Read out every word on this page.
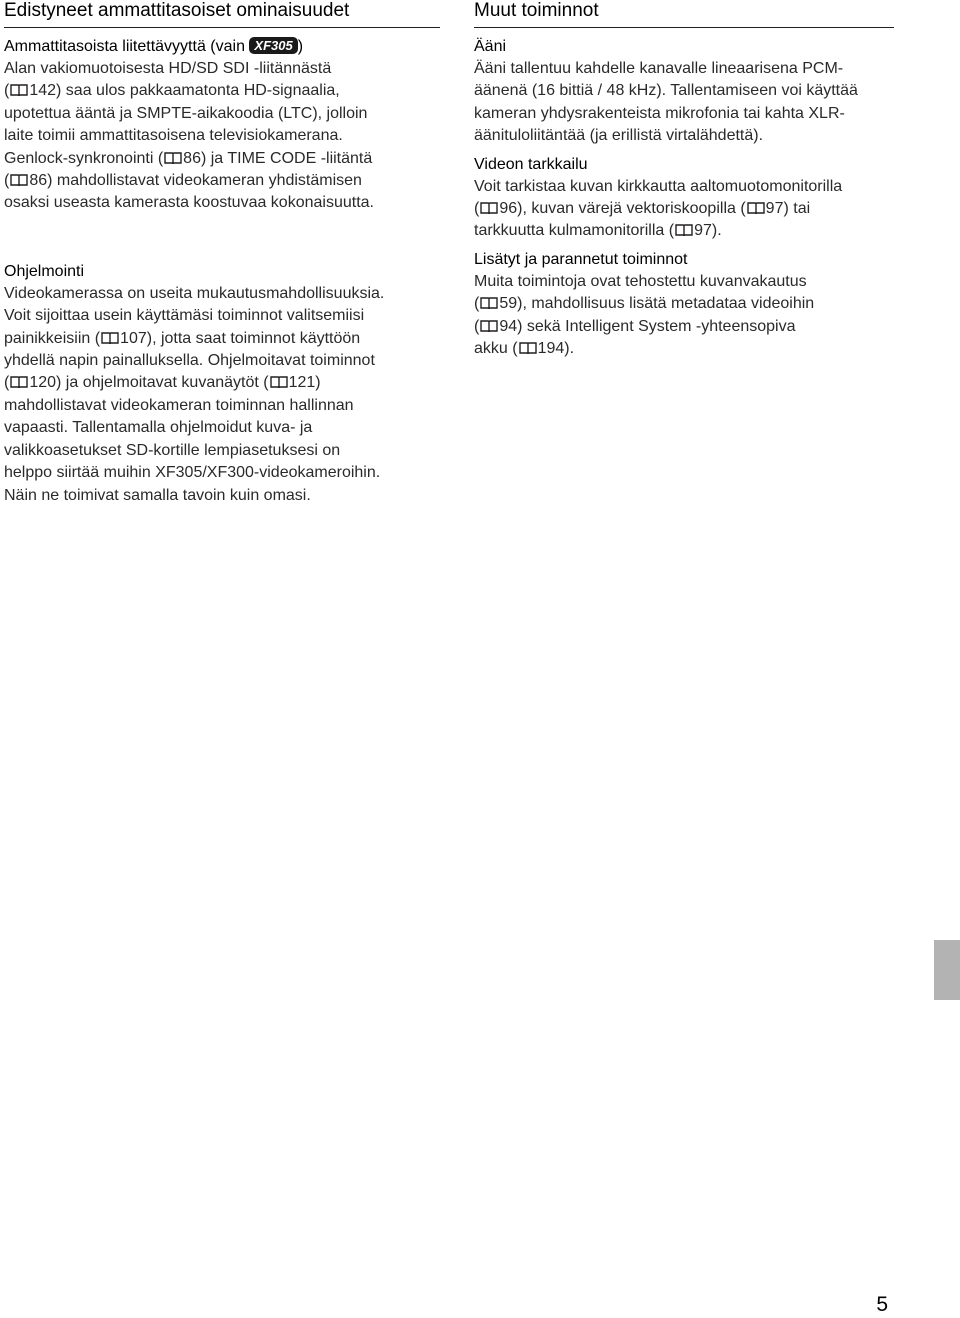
Edistyneet ammattitasoiset ominaisuudet

Ammattitasoista liitettävyyttä (vain XF305 )

Alan vakiomuotoisesta HD/SD SDI -liitännästä

( 142) saa ulos pakkaamatonta HD-signaalia,

upotettua ääntä ja SMPTE-aikakoodia (LTC), jolloin

laite toimii ammattitasoisena televisiokamerana.

Genlock-synkronointi ( 86) ja TIME CODE -liitäntä

( 86) mahdollistavat videokameran yhdistämisen

osaksi useasta kamerasta koostuvaa kokonaisuutta.

Ohjelmointi

Videokamerassa on useita mukautusmahdollisuuksia.

Voit sijoittaa usein käyttämäsi toiminnot valitsemiisi

painikkeisiin ( 107), jotta saat toiminnot käyttöön

yhdellä napin painalluksella. Ohjelmoitavat toiminnot

( 120) ja ohjelmoitavat kuvanäytöt ( 121)

mahdollistavat videokameran toiminnan hallinnan

vapaasti. Tallentamalla ohjelmoidut kuva- ja

valikkoasetukset SD-kortille lempiasetuksesi on

helppo siirtää muihin XF305/XF300-videokameroihin.

Näin ne toimivat samalla tavoin kuin omasi.

Muut toiminnot

Ääni

Ääni tallentuu kahdelle kanavalle lineaarisena PCM-

äänenä (16 bittiä / 48 kHz). Tallentamiseen voi käyttää

kameran yhdysrakenteista mikrofonia tai kahta XLR-

äänituloliitäntää (ja erillistä virtalähdettä).

Videon tarkkailu

Voit tarkistaa kuvan kirkkautta aaltomuotomonitorilla

( 96), kuvan värejä vektoriskoopilla ( 97) tai

tarkkuutta kulmamonitorilla ( 97).

Lisätyt ja parannetut toiminnot

Muita toimintoja ovat tehostettu kuvanvakautus

( 59), mahdollisuus lisätä metadataa videoihin

( 94) sekä Intelligent System -yhteensopiva

akku ( 194).

5
